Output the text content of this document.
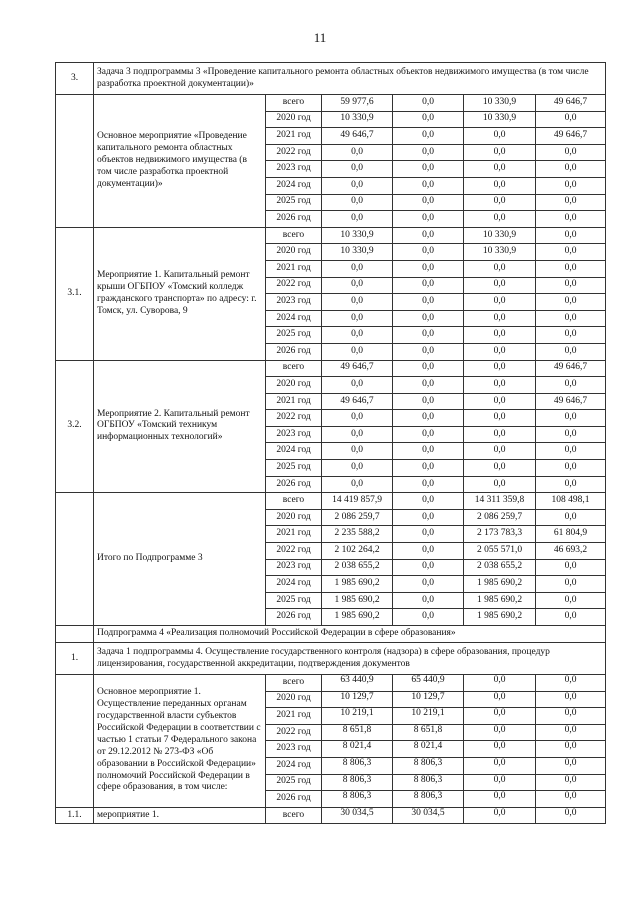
11
3.	Задача 3 подпрограммы 3 «Проведение капитального ремонта областных объектов недвижимого имущества (в том числе разработка проектной документации)»					
	Основное мероприятие «Проведение капитального ремонта областных объектов недвижимого имущества (в том числе разработка проектной документации)»	всего	59 977,6	0,0	10 330,9	49 646,7
		2020 год	10 330,9	0,0	10 330,9	0,0
		2021 год	49 646,7	0,0	0,0	49 646,7
		2022 год	0,0	0,0	0,0	0,0
		2023 год	0,0	0,0	0,0	0,0
		2024 год	0,0	0,0	0,0	0,0
		2025 год	0,0	0,0	0,0	0,0
		2026 год	0,0	0,0	0,0	0,0
3.1.	Мероприятие 1. Капитальный ремонт крыши ОГБПОУ «Томский колледж гражданского транспорта» по адресу: г. Томск, ул. Суворова, 9	всего	10 330,9	0,0	10 330,9	0,0
		2020 год	10 330,9	0,0	10 330,9	0,0
		2021 год	0,0	0,0	0,0	0,0
		2022 год	0,0	0,0	0,0	0,0
		2023 год	0,0	0,0	0,0	0,0
		2024 год	0,0	0,0	0,0	0,0
		2025 год	0,0	0,0	0,0	0,0
		2026 год	0,0	0,0	0,0	0,0
3.2.	Мероприятие 2. Капитальный ремонт ОГБПОУ «Томский техникум информационных технологий»	всего	49 646,7	0,0	0,0	49 646,7
		2020 год	0,0	0,0	0,0	0,0
		2021 год	49 646,7	0,0	0,0	49 646,7
		2022 год	0,0	0,0	0,0	0,0
		2023 год	0,0	0,0	0,0	0,0
		2024 год	0,0	0,0	0,0	0,0
		2025 год	0,0	0,0	0,0	0,0
		2026 год	0,0	0,0	0,0	0,0
	Итого по Подпрограмме 3	всего	14 419 857,9	0,0	14 311 359,8	108 498,1
		2020 год	2 086 259,7	0,0	2 086 259,7	0,0
		2021 год	2 235 588,2	0,0	2 173 783,3	61 804,9
		2022 год	2 102 264,2	0,0	2 055 571,0	46 693,2
		2023 год	2 038 655,2	0,0	2 038 655,2	0,0
		2024 год	1 985 690,2	0,0	1 985 690,2	0,0
		2025 год	1 985 690,2	0,0	1 985 690,2	0,0
		2026 год	1 985 690,2	0,0	1 985 690,2	0,0
	Подпрограмма 4 «Реализация полномочий Российской Федерации в сфере образования»					
1.	Задача 1 подпрограммы 4. Осуществление государственного контроля (надзора) в сфере образования, процедур лицензирования, государственной аккредитации, подтверждения документов					
	Основное мероприятие 1. Осуществление переданных органам государственной власти субъектов Российской Федерации в соответствии с частью 1 статьи 7 Федерального закона от 29.12.2012 № 273-ФЗ «Об образовании в Российской Федерации» полномочий Российской Федерации в сфере образования, в том числе:	всего	63 440,9	65 440,9	0,0	0,0
		2020 год	10 129,7	10 129,7	0,0	0,0
		2021 год	10 219,1	10 219,1	0,0	0,0
		2022 год	8 651,8	8 651,8	0,0	0,0
		2023 год	8 021,4	8 021,4	0,0	0,0
		2024 год	8 806,3	8 806,3	0,0	0,0
		2025 год	8 806,3	8 806,3	0,0	0,0
		2026 год	8 806,3	8 806,3	0,0	0,0
1.1.	мероприятие 1.	всего	30 034,5	30 034,5	0,0	0,0
